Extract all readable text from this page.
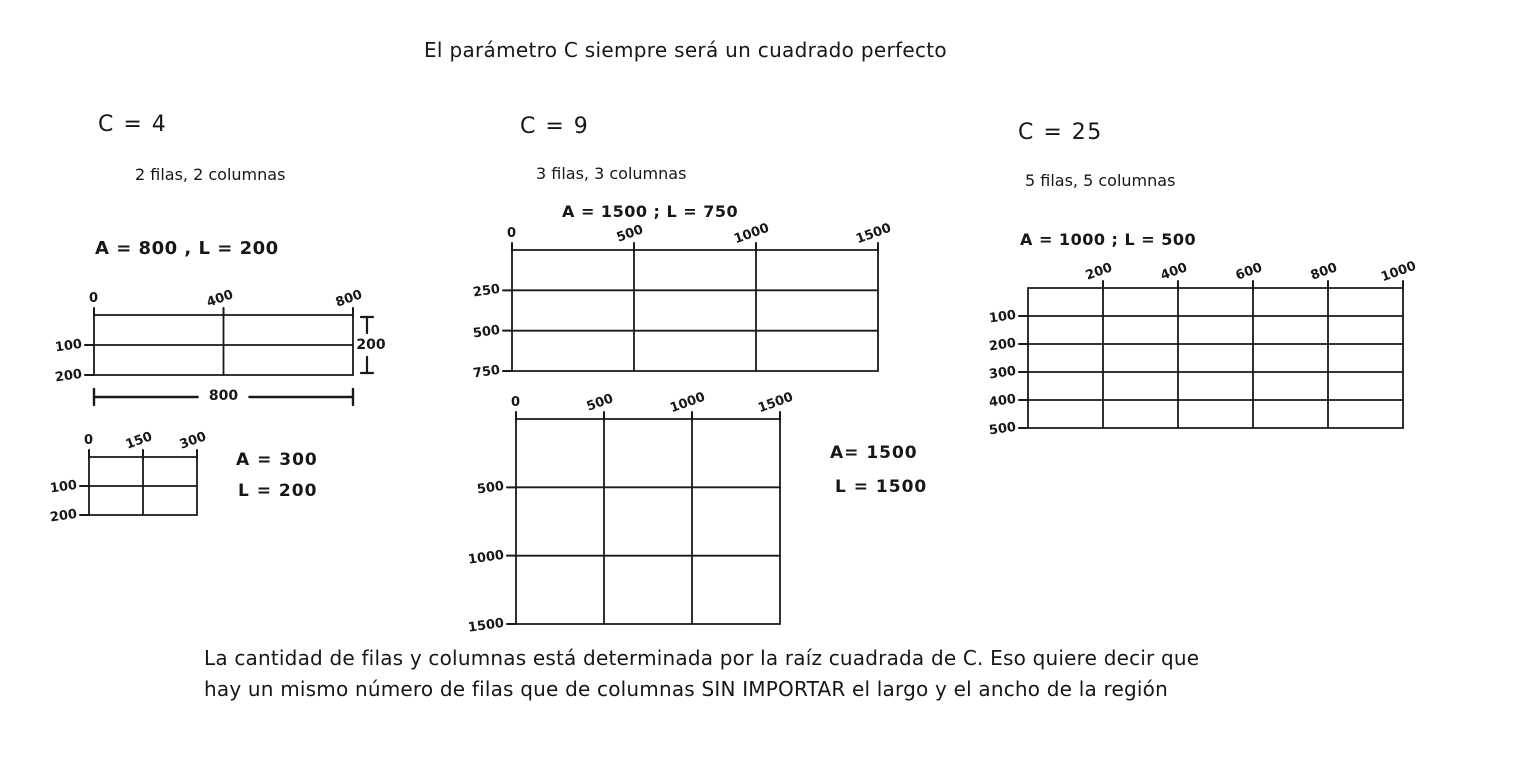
El parámetro C siempre será un cuadrado perfecto
C = 4
2 filas, 2 columnas
A = 800 , L = 200
C = 9
3 filas, 3 columnas
A = 1500 ; L = 750
C = 25
5 filas, 5 columnas
A = 1000 ; L = 500
A = 300
L = 200
A= 1500
L = 1500
La cantidad de filas y columnas está determinada por la raíz cuadrada de C. Eso quiere decir que
hay un mismo número de filas que de columnas SIN IMPORTAR el largo y el ancho de la región
0	400	800
100
200
200
800
0 150 300
100
200
0	500	1000	1500
250
500
750
0	500	1000	1500
500
1000
1500
200	400	600	800	1000
100
200
300
400
500
